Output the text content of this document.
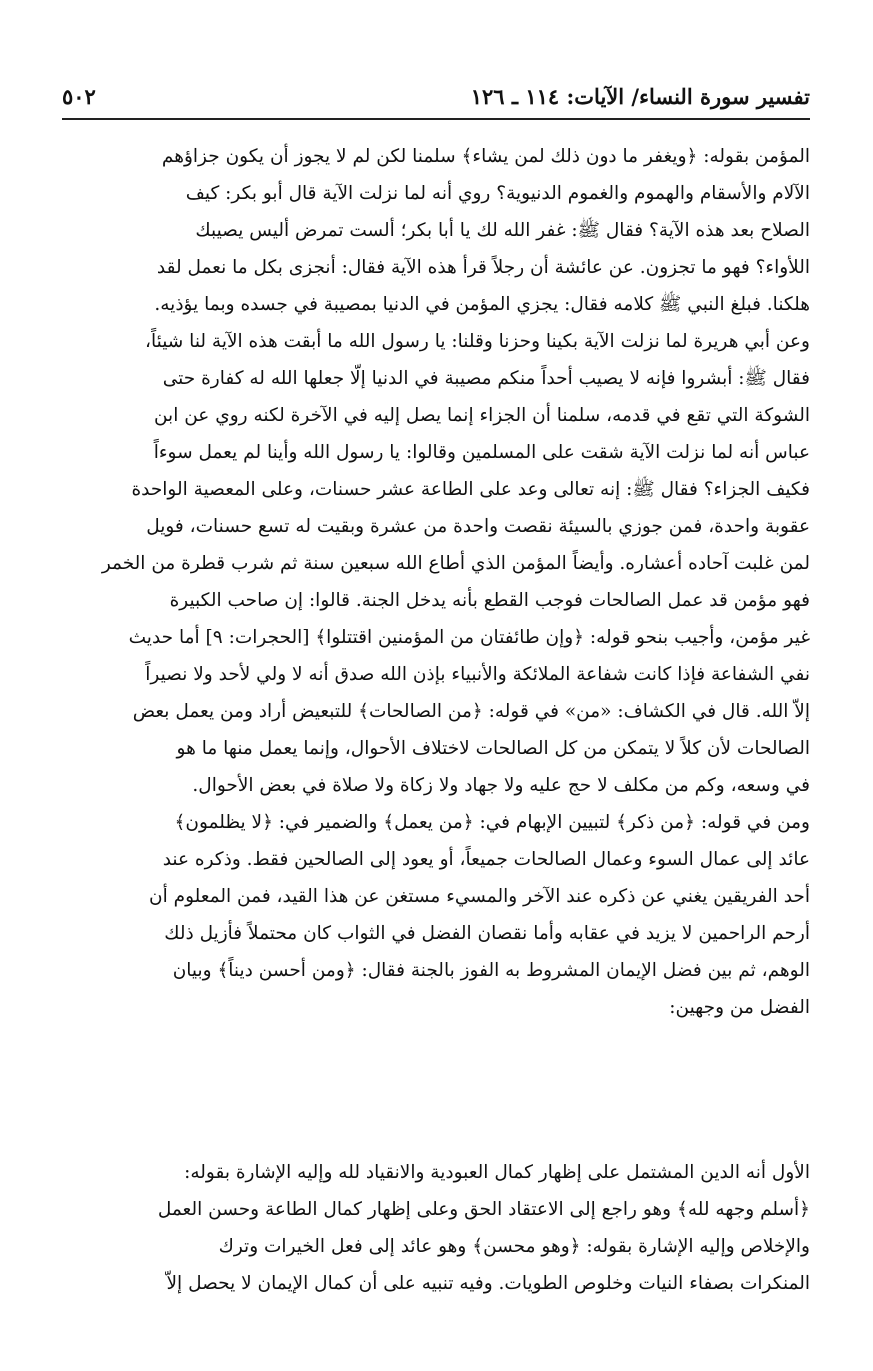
تفسير سورة النساء/ الآيات: ١١٤ ـ ١٢٦
٥٠٢
المؤمن بقوله: ﴿ويغفر ما دون ذلك لمن يشاء﴾ سلمنا لكن لم لا يجوز أن يكون جزاؤهم
الآلام والأسقام والهموم والغموم الدنيوية؟ روي أنه لما نزلت الآية قال أبو بكر: كيف
الصلاح بعد هذه الآية؟ فقال ﷺ: غفر الله لك يا أبا بكر؛ ألست تمرض أليس يصيبك
اللأواء؟ فهو ما تجزون. عن عائشة أن رجلاً قرأ هذه الآية فقال: أنجزى بكل ما نعمل لقد
هلكنا. فبلغ النبي ﷺ كلامه فقال: يجزي المؤمن في الدنيا بمصيبة في جسده وبما يؤذيه.
وعن أبي هريرة لما نزلت الآية بكينا وحزنا وقلنا: يا رسول الله ما أبقت هذه الآية لنا شيئاً،
فقال ﷺ: أبشروا فإنه لا يصيب أحداً منكم مصيبة في الدنيا إلّا جعلها الله له كفارة حتى
الشوكة التي تقع في قدمه، سلمنا أن الجزاء إنما يصل إليه في الآخرة لكنه روي عن ابن
عباس أنه لما نزلت الآية شقت على المسلمين وقالوا: يا رسول الله وأينا لم يعمل سوءاً
فكيف الجزاء؟ فقال ﷺ: إنه تعالى وعد على الطاعة عشر حسنات، وعلى المعصية الواحدة
عقوبة واحدة، فمن جوزي بالسيئة نقصت واحدة من عشرة وبقيت له تسع حسنات، فويل
لمن غلبت آحاده أعشاره. وأيضاً المؤمن الذي أطاع الله سبعين سنة ثم شرب قطرة من الخمر
فهو مؤمن قد عمل الصالحات فوجب القطع بأنه يدخل الجنة. قالوا: إن صاحب الكبيرة
غير مؤمن، وأجيب بنحو قوله: ﴿وإن طائفتان من المؤمنين اقتتلوا﴾ [الحجرات: ٩] أما حديث
نفي الشفاعة فإذا كانت شفاعة الملائكة والأنبياء بإذن الله صدق أنه لا ولي لأحد ولا نصيراً
إلاّ الله. قال في الكشاف: «من» في قوله: ﴿من الصالحات﴾ للتبعيض أراد ومن يعمل بعض
الصالحات لأن كلاً لا يتمكن من كل الصالحات لاختلاف الأحوال، وإنما يعمل منها ما هو
في وسعه، وكم من مكلف لا حج عليه ولا جهاد ولا زكاة ولا صلاة في بعض الأحوال.
ومن في قوله: ﴿من ذكر﴾ لتبيين الإبهام في: ﴿من يعمل﴾ والضمير في: ﴿لا يظلمون﴾
عائد إلى عمال السوء وعمال الصالحات جميعاً، أو يعود إلى الصالحين فقط. وذكره عند
أحد الفريقين يغني عن ذكره عند الآخر والمسيء مستغن عن هذا القيد، فمن المعلوم أن
أرحم الراحمين لا يزيد في عقابه وأما نقصان الفضل في الثواب كان محتملاً فأزيل ذلك
الوهم، ثم بين فضل الإيمان المشروط به الفوز بالجنة فقال: ﴿ومن أحسن ديناً﴾ وبيان
الفضل من وجهين:
الأول أنه الدين المشتمل على إظهار كمال العبودية والانقياد لله وإليه الإشارة بقوله:
﴿أسلم وجهه لله﴾ وهو راجع إلى الاعتقاد الحق وعلى إظهار كمال الطاعة وحسن العمل
والإخلاص وإليه الإشارة بقوله: ﴿وهو محسن﴾ وهو عائد إلى فعل الخيرات وترك
المنكرات بصفاء النيات وخلوص الطويات. وفيه تنبيه على أن كمال الإيمان لا يحصل إلاّ
